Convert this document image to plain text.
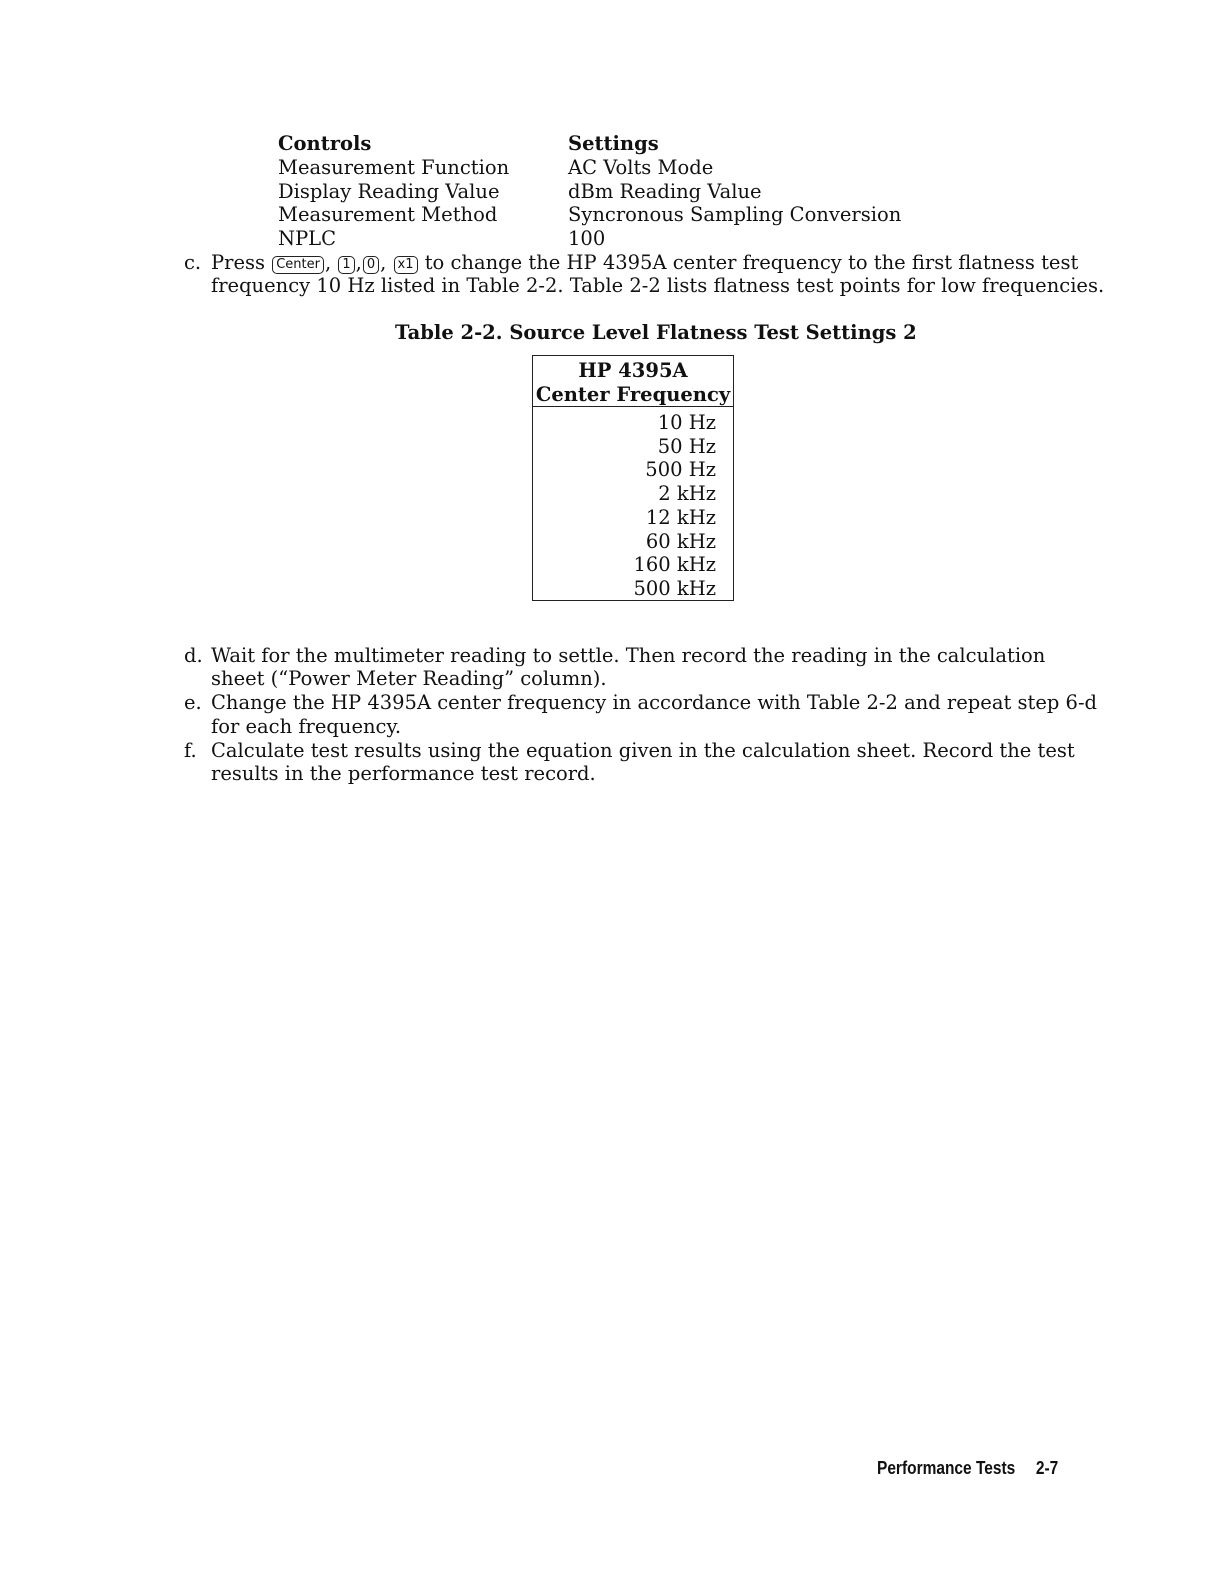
Controls	Settings
Measurement Function	AC Volts Mode
Display Reading Value	dBm Reading Value
Measurement Method	Syncronous Sampling Conversion
NPLC	100
c. Press Center , 1 , 0 , x1 to change the HP 4395A center frequency to the first flatness test
frequency 10 Hz listed in Table 2-2. Table 2-2 lists flatness test points for low frequencies.
Table 2-2. Source Level Flatness Test Settings 2
HP 4395A
Center Frequency
10 Hz
50 Hz
500 Hz
2 kHz
12 kHz
60 kHz
160 kHz
500 kHz
d. Wait for the multimeter reading to settle. Then record the reading in the calculation
sheet (“Power Meter Reading” column).
e. Change the HP 4395A center frequency in accordance with Table 2-2 and repeat step 6-d
for each frequency.
f. Calculate test results using the equation given in the calculation sheet. Record the test
results in the performance test record.
Performance Tests 2-7
